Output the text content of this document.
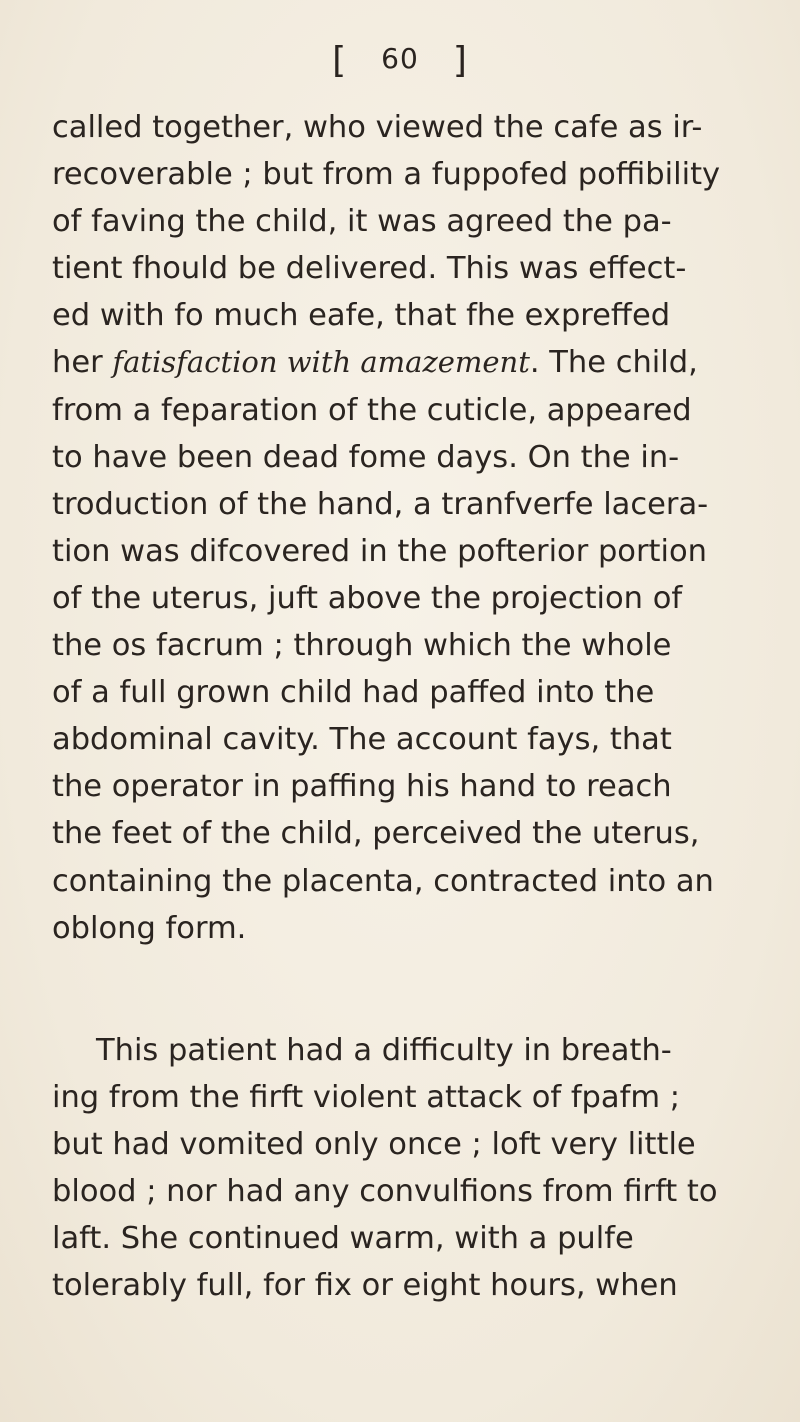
[ 60 ]
called together, who viewed the cafe as ir-
recoverable ; but from a fuppofed poffibility
of faving the child, it was agreed the pa-
tient fhould be delivered. This was effect-
ed with fo much eafe, that fhe expreffed
her fatisfaction with amazement. The child,
from a feparation of the cuticle, appeared
to have been dead fome days. On the in-
troduction of the hand, a tranfverfe lacera-
tion was difcovered in the pofterior portion
of the uterus, juft above the projection of
the os facrum ; through which the whole
of a full grown child had paffed into the
abdominal cavity. The account fays, that
the operator in paffing his hand to reach
the feet of the child, perceived the uterus,
containing the placenta, contracted into an
oblong form.
This patient had a difficulty in breath-
ing from the firft violent attack of fpafm ;
but had vomited only once ; loft very little
blood ; nor had any convulfions from firft to
laft. She continued warm, with a pulfe
tolerably full, for fix or eight hours, when
